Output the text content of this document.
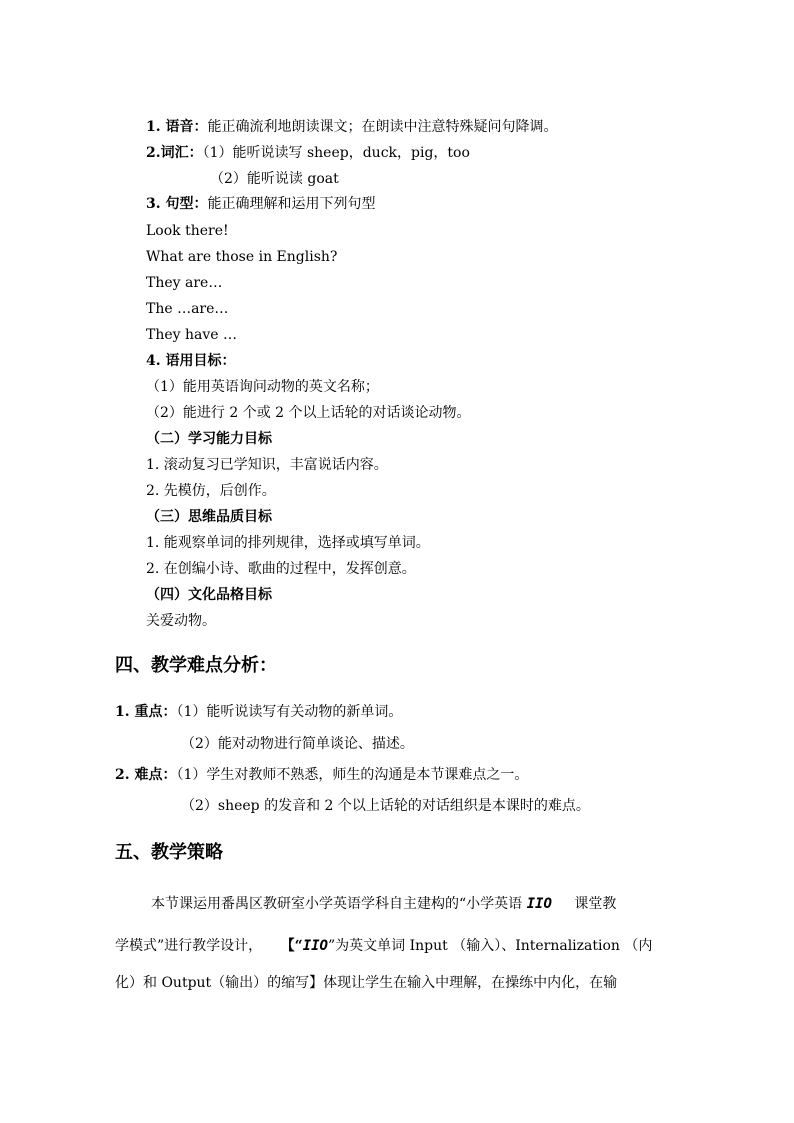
1. 语音：能正确流利地朗读课文；在朗读中注意特殊疑问句降调。
2.词汇：（1）能听说读写 sheep，duck，pig，too
（2）能听说读 goat
3. 句型：能正确理解和运用下列句型
Look there!
What are those in English?
They are…
The …are…
They have …
4. 语用目标：
（1）能用英语询问动物的英文名称；
（2）能进行 2 个或 2 个以上话轮的对话谈论动物。
（二）学习能力目标
1. 滚动复习已学知识，丰富说话内容。
2. 先模仿，后创作。
（三）思维品质目标
1. 能观察单词的排列规律，选择或填写单词。
2. 在创编小诗、歌曲的过程中，发挥创意。
（四）文化品格目标
关爱动物。
四、教学难点分析：
1. 重点：（1）能听说读写有关动物的新单词。
（2）能对动物进行简单谈论、描述。
2. 难点：（1）学生对教师不熟悉，师生的沟通是本节课难点之一。
（2）sheep 的发音和 2 个以上话轮的对话组织是本课时的难点。
五、教学策略
本节课运用番禺区教研室小学英语学科自主建构的“小学英语 IIO 课堂教
学模式”进行教学设计， 【“IIO”为英文单词 Input （输入）、Internalization （内
化）和 Output（输出）的缩写】体现让学生在输入中理解，在操练中内化，在输
